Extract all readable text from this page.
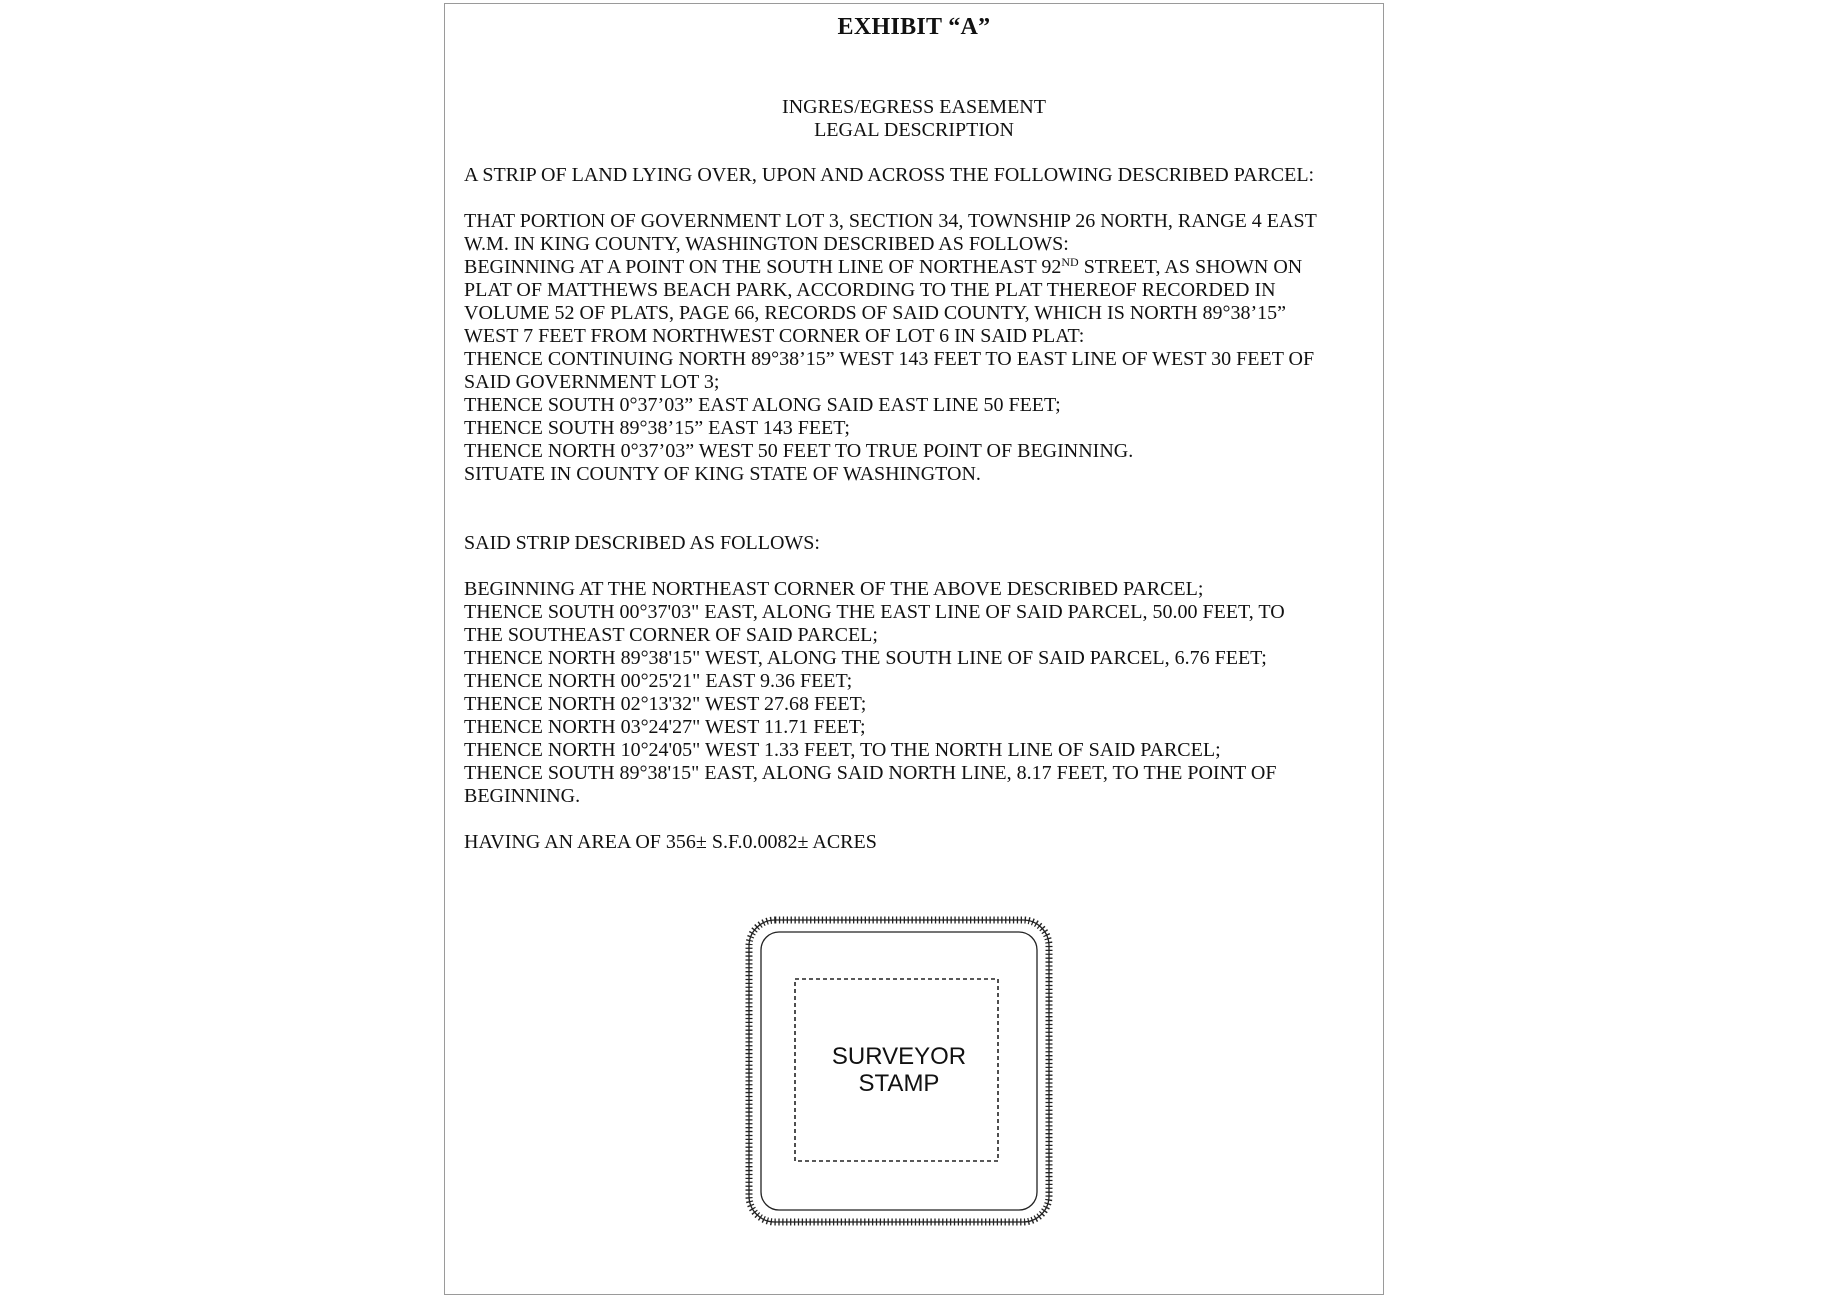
EXHIBIT “A”
INGRES/EGRESS EASEMENT
LEGAL DESCRIPTION

A STRIP OF LAND LYING OVER, UPON AND ACROSS THE FOLLOWING DESCRIBED PARCEL:

THAT PORTION OF GOVERNMENT LOT 3, SECTION 34, TOWNSHIP 26 NORTH, RANGE 4 EAST

W.M. IN KING COUNTY, WASHINGTON DESCRIBED AS FOLLOWS:

BEGINNING AT A POINT ON THE SOUTH LINE OF NORTHEAST 92ND STREET, AS SHOWN ON

PLAT OF MATTHEWS BEACH PARK, ACCORDING TO THE PLAT THEREOF RECORDED IN

VOLUME 52 OF PLATS, PAGE 66, RECORDS OF SAID COUNTY, WHICH IS NORTH 89°38’15”

WEST 7 FEET FROM NORTHWEST CORNER OF LOT 6 IN SAID PLAT:

THENCE CONTINUING NORTH 89°38’15” WEST 143 FEET TO EAST LINE OF WEST 30 FEET OF

SAID GOVERNMENT LOT 3;

THENCE SOUTH 0°37’03” EAST ALONG SAID EAST LINE 50 FEET;

THENCE SOUTH 89°38’15” EAST 143 FEET;

THENCE NORTH 0°37’03” WEST 50 FEET TO TRUE POINT OF BEGINNING.

SITUATE IN COUNTY OF KING STATE OF WASHINGTON.

SAID STRIP DESCRIBED AS FOLLOWS:

BEGINNING AT THE NORTHEAST CORNER OF THE ABOVE DESCRIBED PARCEL;

THENCE SOUTH 00°37'03" EAST, ALONG THE EAST LINE OF SAID PARCEL, 50.00 FEET, TO

THE SOUTHEAST CORNER OF SAID PARCEL;

THENCE NORTH 89°38'15" WEST, ALONG THE SOUTH LINE OF SAID PARCEL, 6.76 FEET;

THENCE NORTH 00°25'21" EAST 9.36 FEET;

THENCE NORTH 02°13'32" WEST 27.68 FEET;

THENCE NORTH 03°24'27" WEST 11.71 FEET;

THENCE NORTH 10°24'05" WEST 1.33 FEET, TO THE NORTH LINE OF SAID PARCEL;

THENCE SOUTH 89°38'15" EAST, ALONG SAID NORTH LINE, 8.17 FEET, TO THE POINT OF

BEGINNING.

HAVING AN AREA OF 356± S.F.0.0082± ACRES

SURVEYOR
STAMP
